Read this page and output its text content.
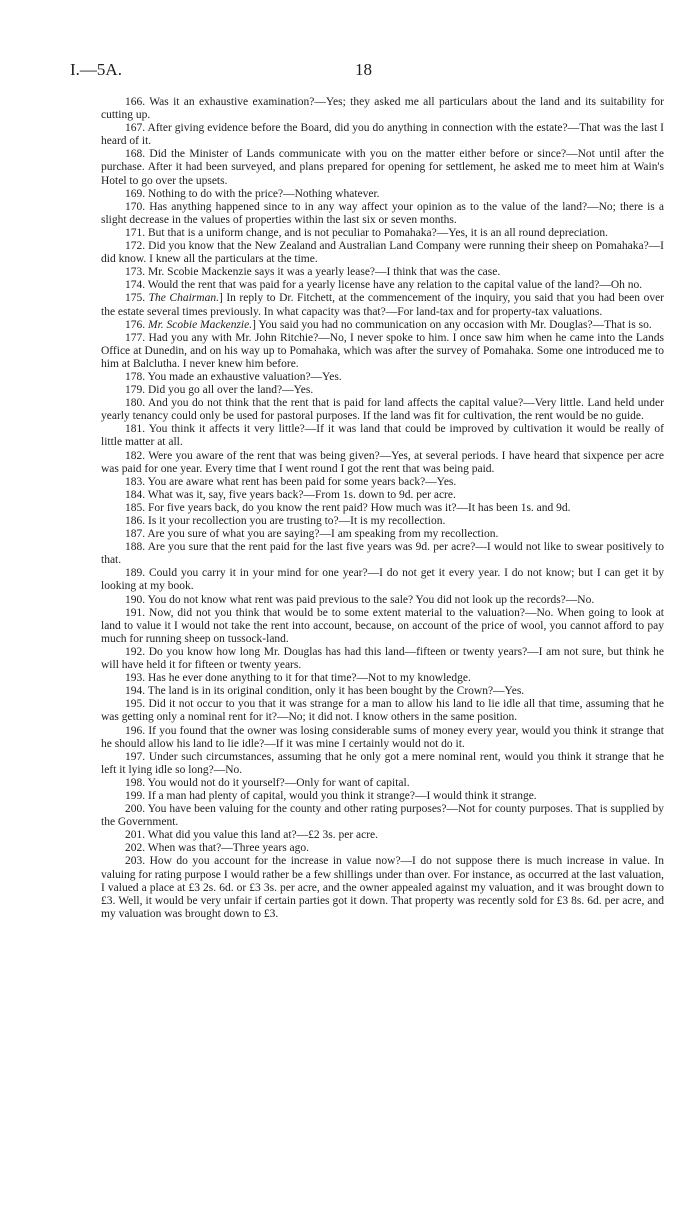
I.—5A.	18

166. Was it an exhaustive examination?—Yes; they asked me all particulars about the land and its suitability for cutting up.

167. After giving evidence before the Board, did you do anything in connection with the estate?—That was the last I heard of it.

168. Did the Minister of Lands communicate with you on the matter either before or since?—Not until after the purchase. After it had been surveyed, and plans prepared for opening for settlement, he asked me to meet him at Wain's Hotel to go over the upsets.

169. Nothing to do with the price?—Nothing whatever.

170. Has anything happened since to in any way affect your opinion as to the value of the land?—No; there is a slight decrease in the values of properties within the last six or seven months.

171. But that is a uniform change, and is not peculiar to Pomahaka?—Yes, it is an all round depreciation.

172. Did you know that the New Zealand and Australian Land Company were running their sheep on Pomahaka?—I did know. I knew all the particulars at the time.

173. Mr. Scobie Mackenzie says it was a yearly lease?—I think that was the case.

174. Would the rent that was paid for a yearly license have any relation to the capital value of the land?—Oh no.

175. The Chairman.] In reply to Dr. Fitchett, at the commencement of the inquiry, you said that you had been over the estate several times previously. In what capacity was that?—For land-tax and for property-tax valuations.

176. Mr. Scobie Mackenzie.] You said you had no communication on any occasion with Mr. Douglas?—That is so.

177. Had you any with Mr. John Ritchie?—No, I never spoke to him. I once saw him when he came into the Lands Office at Dunedin, and on his way up to Pomahaka, which was after the survey of Pomahaka. Some one introduced me to him at Balclutha. I never knew him before.

178. You made an exhaustive valuation?—Yes.

179. Did you go all over the land?—Yes.

180. And you do not think that the rent that is paid for land affects the capital value?—Very little. Land held under yearly tenancy could only be used for pastoral purposes. If the land was fit for cultivation, the rent would be no guide.

181. You think it affects it very little?—If it was land that could be improved by cultivation it would be really of little matter at all.

182. Were you aware of the rent that was being given?—Yes, at several periods. I have heard that sixpence per acre was paid for one year. Every time that I went round I got the rent that was being paid.

183. You are aware what rent has been paid for some years back?—Yes.

184. What was it, say, five years back?—From 1s. down to 9d. per acre.

185. For five years back, do you know the rent paid? How much was it?—It has been 1s. and 9d.

186. Is it your recollection you are trusting to?—It is my recollection.

187. Are you sure of what you are saying?—I am speaking from my recollection.

188. Are you sure that the rent paid for the last five years was 9d. per acre?—I would not like to swear positively to that.

189. Could you carry it in your mind for one year?—I do not get it every year. I do not know; but I can get it by looking at my book.

190. You do not know what rent was paid previous to the sale? You did not look up the records?—No.

191. Now, did not you think that would be to some extent material to the valuation?—No. When going to look at land to value it I would not take the rent into account, because, on account of the price of wool, you cannot afford to pay much for running sheep on tussock-land.

192. Do you know how long Mr. Douglas has had this land—fifteen or twenty years?—I am not sure, but think he will have held it for fifteen or twenty years.

193. Has he ever done anything to it for that time?—Not to my knowledge.

194. The land is in its original condition, only it has been bought by the Crown?—Yes.

195. Did it not occur to you that it was strange for a man to allow his land to lie idle all that time, assuming that he was getting only a nominal rent for it?—No; it did not. I know others in the same position.

196. If you found that the owner was losing considerable sums of money every year, would you think it strange that he should allow his land to lie idle?—If it was mine I certainly would not do it.

197. Under such circumstances, assuming that he only got a mere nominal rent, would you think it strange that he left it lying idle so long?—No.

198. You would not do it yourself?—Only for want of capital.

199. If a man had plenty of capital, would you think it strange?—I would think it strange.

200. You have been valuing for the county and other rating purposes?—Not for county purposes. That is supplied by the Government.

201. What did you value this land at?—£2 3s. per acre.

202. When was that?—Three years ago.

203. How do you account for the increase in value now?—I do not suppose there is much increase in value. In valuing for rating purpose I would rather be a few shillings under than over. For instance, as occurred at the last valuation, I valued a place at £3 2s. 6d. or £3 3s. per acre, and the owner appealed against my valuation, and it was brought down to £3. Well, it would be very unfair if certain parties got it down. That property was recently sold for £3 8s. 6d. per acre, and my valuation was brought down to £3.
